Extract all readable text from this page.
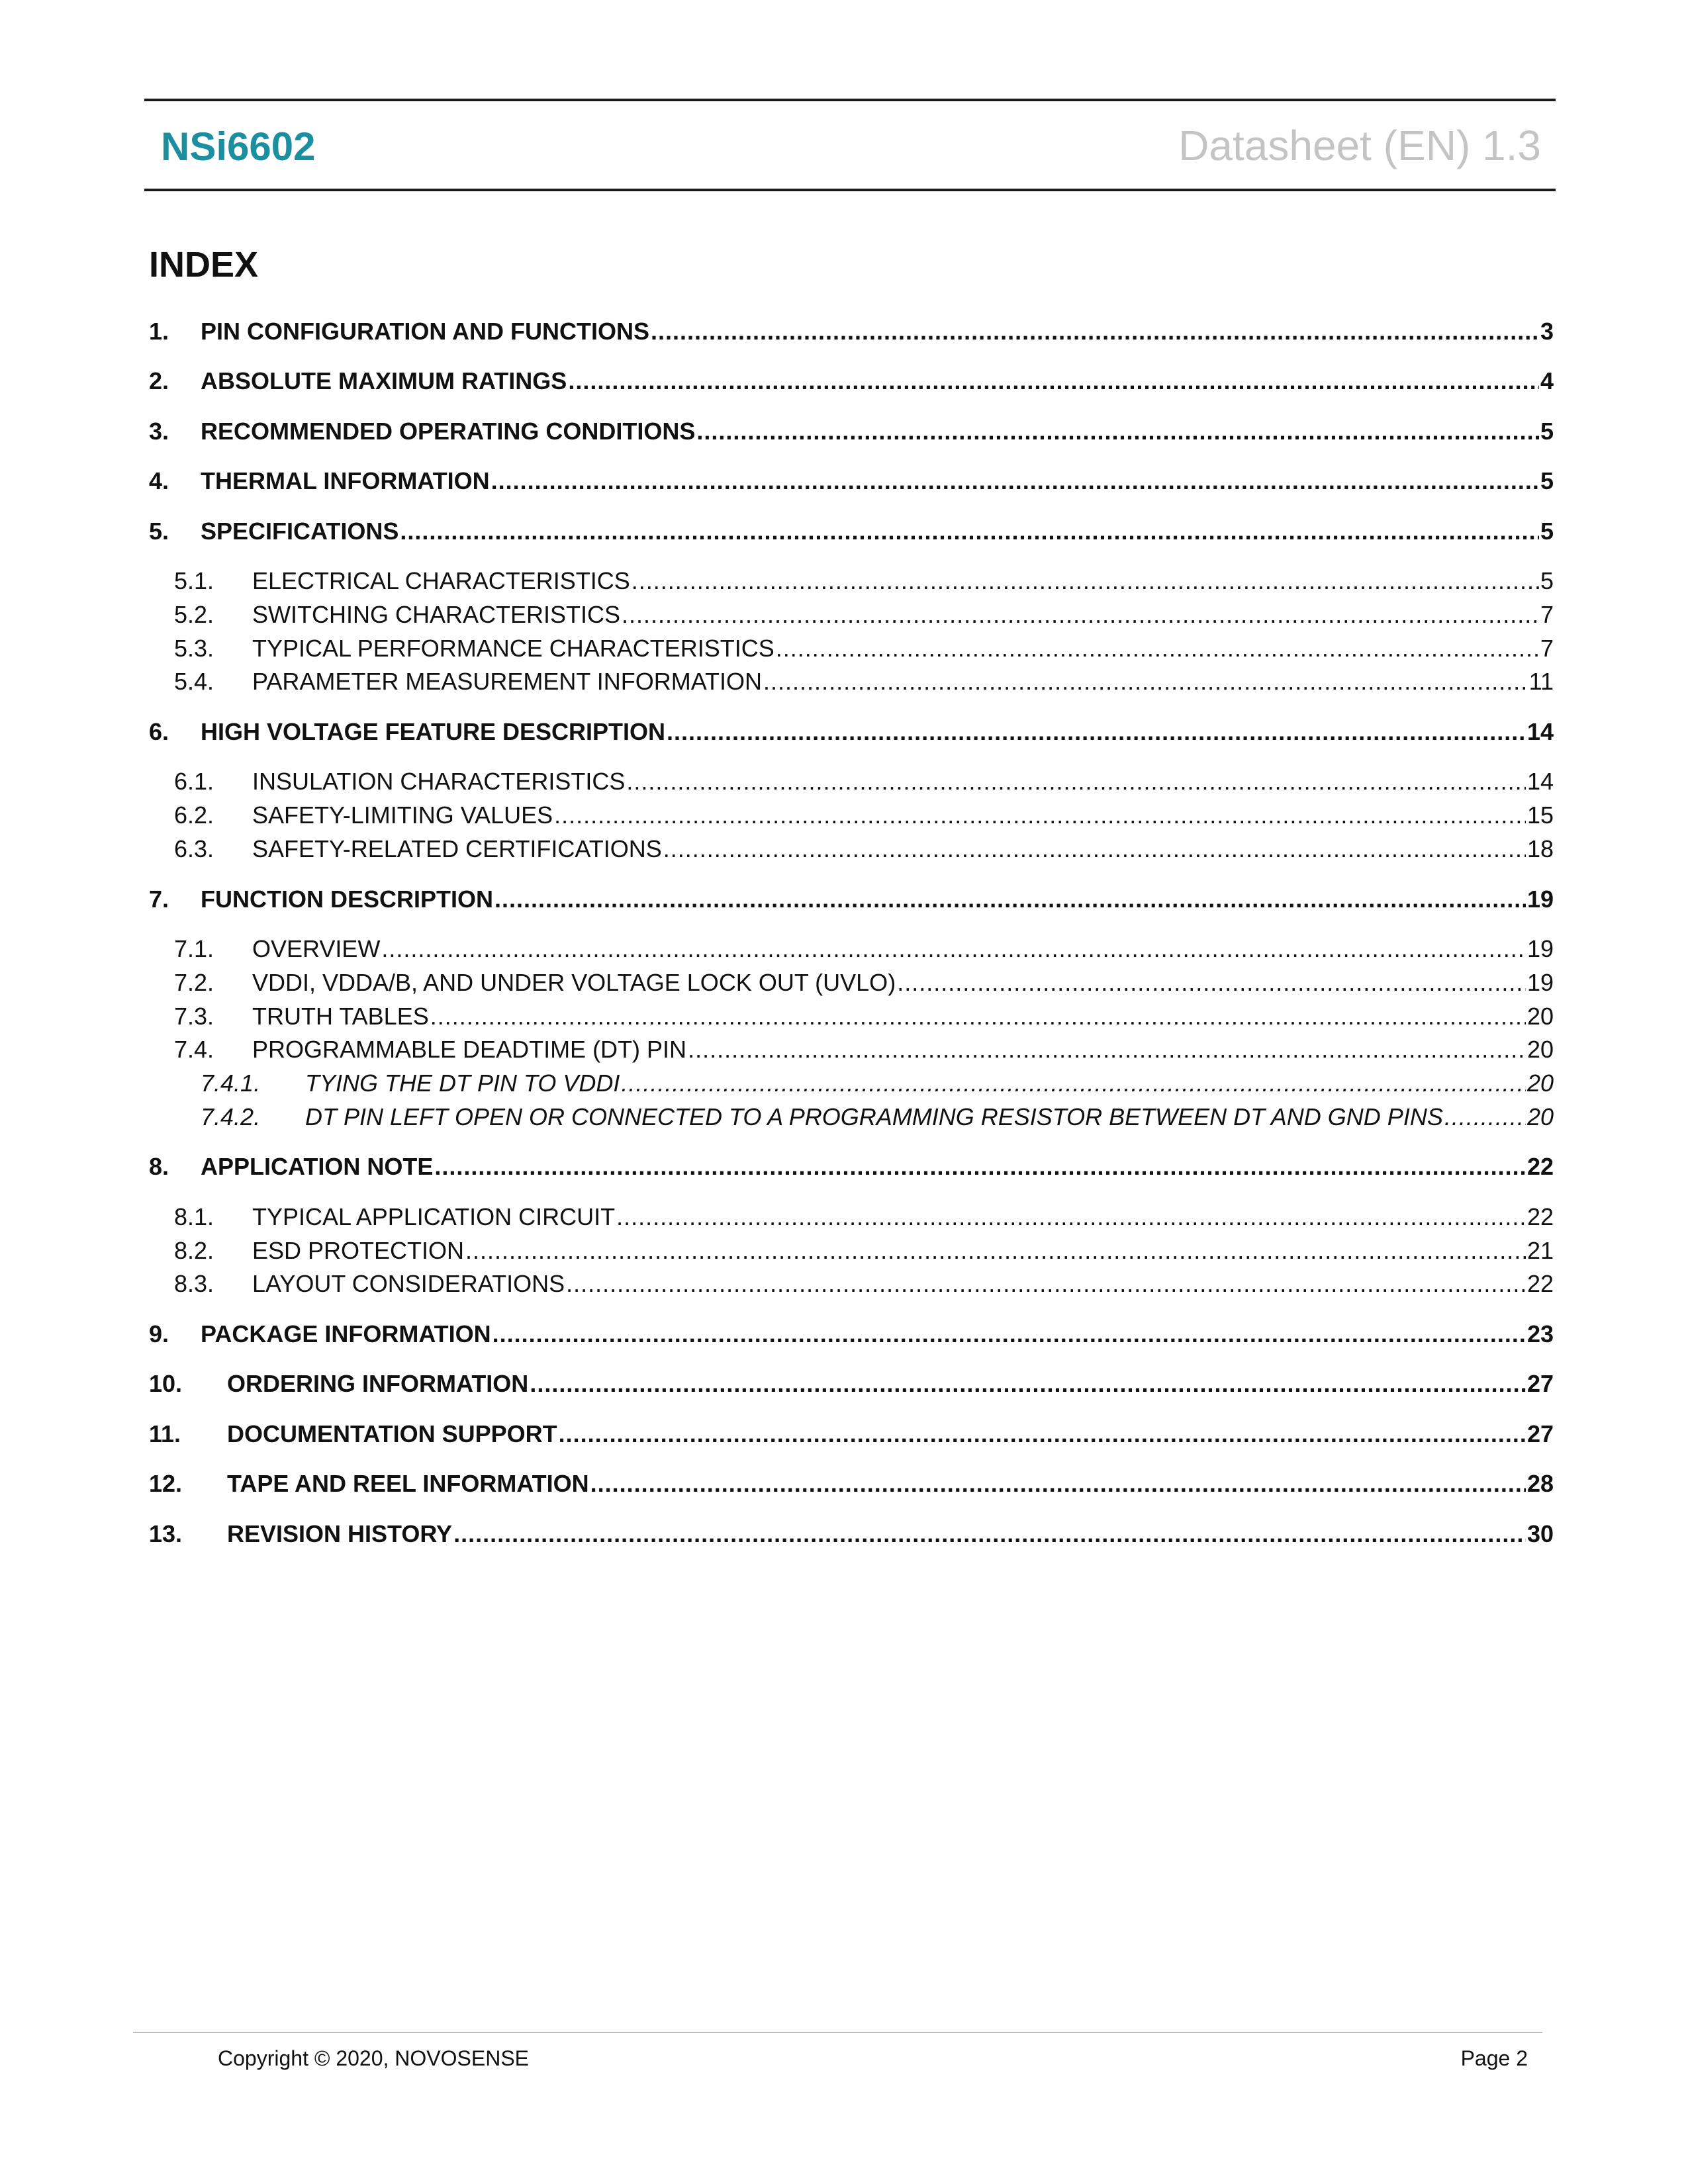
NSi6602	Datasheet (EN) 1.3
INDEX
1.	PIN CONFIGURATION AND FUNCTIONS .....	3
2.	ABSOLUTE MAXIMUM RATINGS .....	4
3.	RECOMMENDED OPERATING CONDITIONS .....	5
4.	THERMAL INFORMATION .....	5
5.	SPECIFICATIONS .....	5
5.1.	ELECTRICAL CHARACTERISTICS .....	5
5.2.	SWITCHING CHARACTERISTICS .....	7
5.3.	TYPICAL PERFORMANCE CHARACTERISTICS .....	7
5.4.	PARAMETER MEASUREMENT INFORMATION .....	11
6.	HIGH VOLTAGE FEATURE DESCRIPTION .....	14
6.1.	INSULATION CHARACTERISTICS .....	14
6.2.	SAFETY-LIMITING VALUES .....	15
6.3.	SAFETY-RELATED CERTIFICATIONS .....	18
7.	FUNCTION DESCRIPTION .....	19
7.1.	OVERVIEW .....	19
7.2.	VDDI, VDDA/B, AND UNDER VOLTAGE LOCK OUT (UVLO) .....	19
7.3.	TRUTH TABLES .....	20
7.4.	PROGRAMMABLE DEADTIME (DT) PIN .....	20
7.4.1.	TYING THE DT PIN TO VDDI .....	20
7.4.2.	DT PIN LEFT OPEN OR CONNECTED TO A PROGRAMMING RESISTOR BETWEEN DT AND GND PINS .....	20
8.	APPLICATION NOTE .....	22
8.1.	TYPICAL APPLICATION CIRCUIT .....	22
8.2.	ESD PROTECTION .....	21
8.3.	LAYOUT CONSIDERATIONS .....	22
9.	PACKAGE INFORMATION .....	23
10.	ORDERING INFORMATION .....	27
11.	DOCUMENTATION SUPPORT .....	27
12.	TAPE AND REEL INFORMATION .....	28
13.	REVISION HISTORY .....	30
Copyright © 2020, NOVOSENSE	Page 2
